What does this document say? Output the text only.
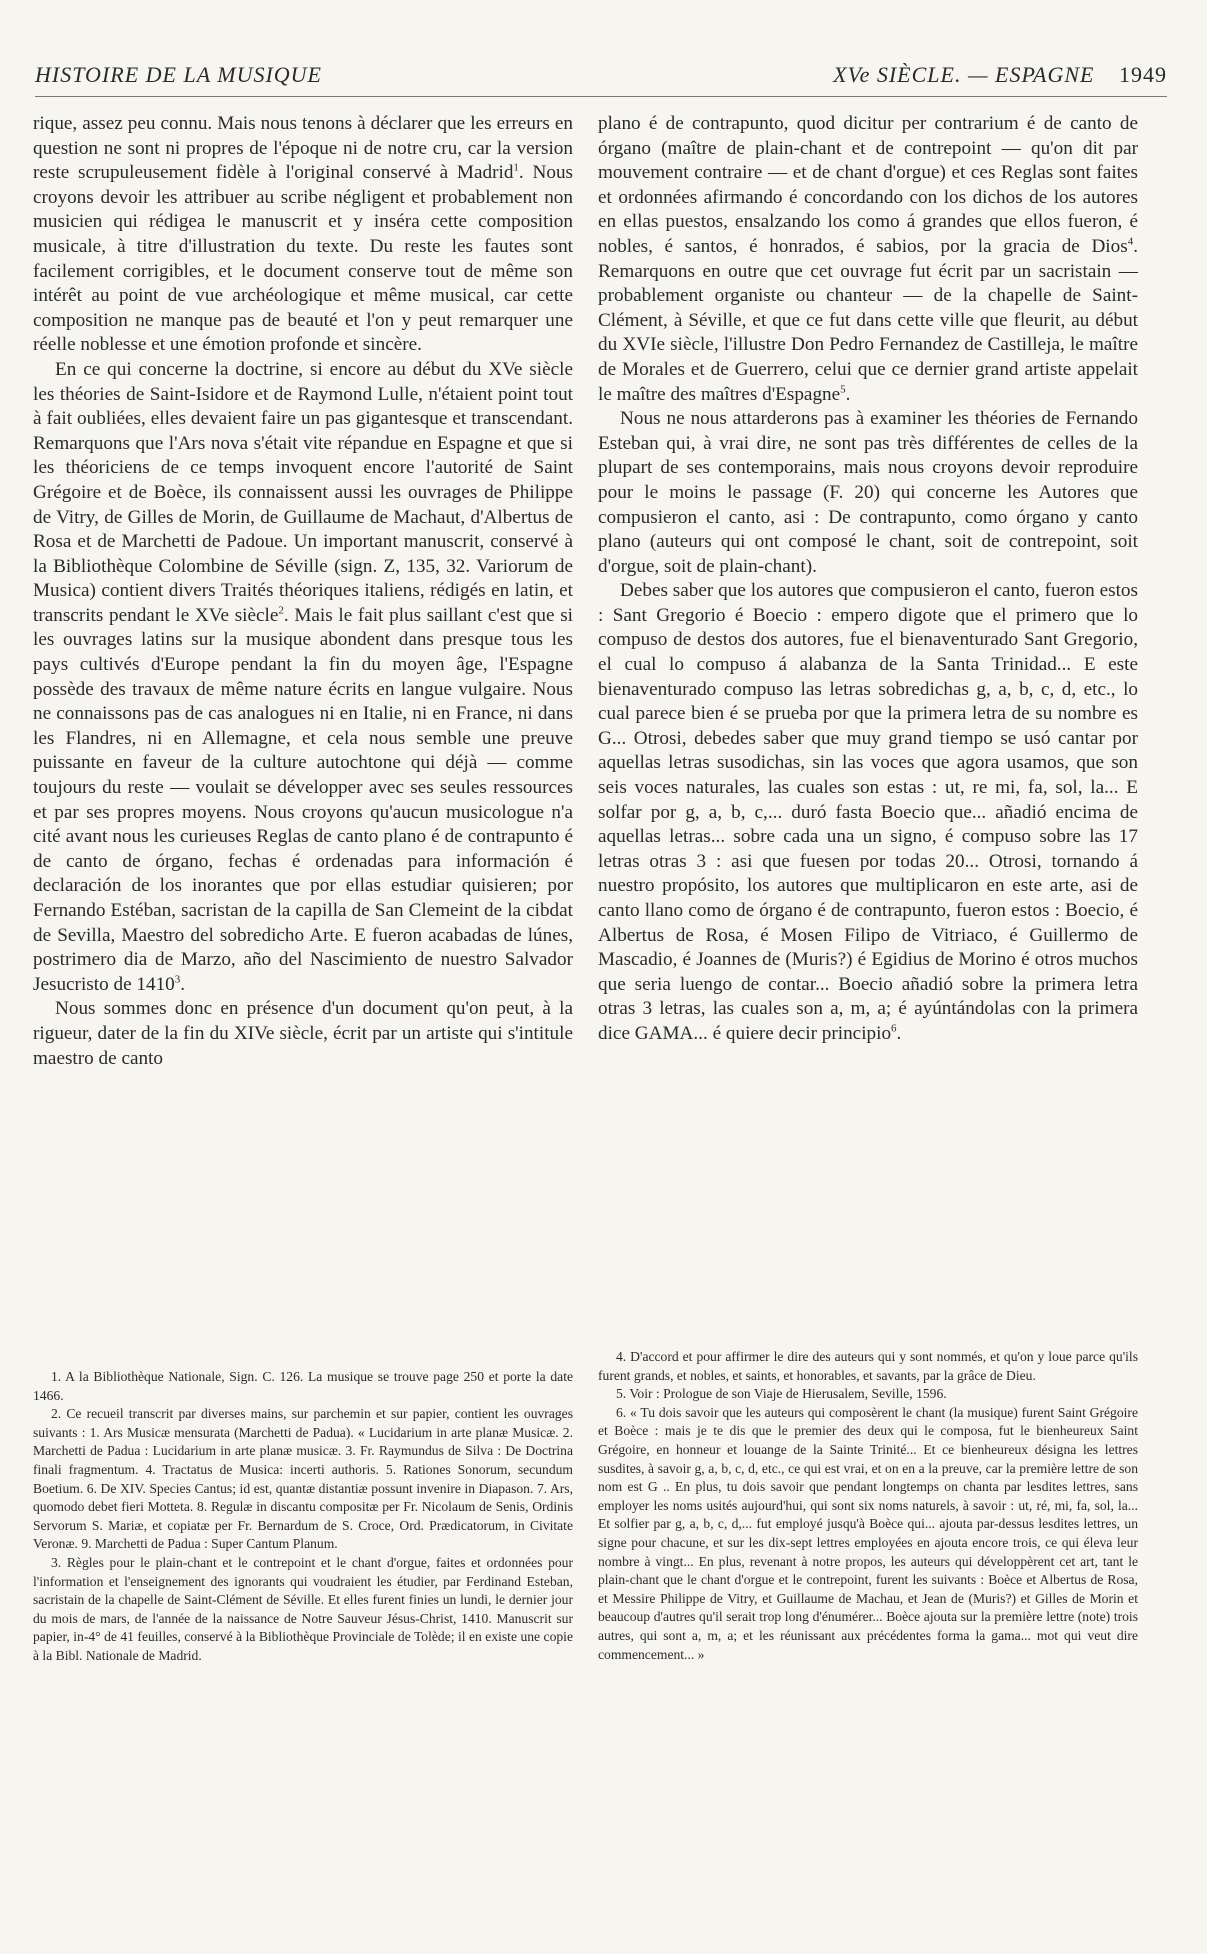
HISTOIRE DE LA MUSIQUE	XVe SIÈCLE. — ESPAGNE 1949

rique, assez peu connu. Mais nous tenons à déclarer que les erreurs en question ne sont ni propres de l'époque ni de notre cru, car la version reste scrupuleusement fidèle à l'original conservé à Madrid$^1$. Nous croyons devoir les attribuer au scribe négligent et probablement non musicien qui rédigea le manuscrit et y inséra cette composition musicale, à titre d'illustration du texte. Du reste les fautes sont facilement corrigibles, et le document conserve tout de même son intérêt au point de vue archéologique et même musical, car cette composition ne manque pas de beauté et l'on y peut remarquer une réelle noblesse et une émotion profonde et sincère.

En ce qui concerne la doctrine, si encore au début du XVe siècle les théories de Saint-Isidore et de Raymond Lulle, n'étaient point tout à fait oubliées, elles devaient faire un pas gigantesque et transcendant. Remarquons que l'Ars nova s'était vite répandue en Espagne et que si les théoriciens de ce temps invoquent encore l'autorité de Saint Grégoire et de Boèce, ils connaissent aussi les ouvrages de Philippe de Vitry, de Gilles de Morin, de Guillaume de Machaut, d'Albertus de Rosa et de Marchetti de Padoue. Un important manuscrit, conservé à la Bibliothèque Colombine de Séville (sign. Z, 135, 32. Variorum de Musica) contient divers Traités théoriques italiens, rédigés en latin, et transcrits pendant le XVe siècle$^2$. Mais le fait plus saillant c'est que si les ouvrages latins sur la musique abondent dans presque tous les pays cultivés d'Europe pendant la fin du moyen âge, l'Espagne possède des travaux de même nature écrits en langue vulgaire. Nous ne connaissons pas de cas analogues ni en Italie, ni en France, ni dans les Flandres, ni en Allemagne, et cela nous semble une preuve puissante en faveur de la culture autochtone qui déjà — comme toujours du reste — voulait se développer avec ses seules ressources et par ses propres moyens. Nous croyons qu'aucun musicologue n'a cité avant nous les curieuses Reglas de canto plano é de contrapunto é de canto de órgano, fechas é ordenadas para información é declaración de los inorantes que por ellas estudiar quisieren; por Fernando Estéban, sacristan de la capilla de San Clemeint de la cibdat de Sevilla, Maestro del sobredicho Arte. E fueron acabadas de lúnes, postrimero dia de Marzo, año del Nascimiento de nuestro Salvador Jesucristo de 1410$^3$.

Nous sommes donc en présence d'un document qu'on peut, à la rigueur, dater de la fin du XIVe siècle, écrit par un artiste qui s'intitule maestro de canto

plano é de contrapunto, quod dicitur per contrarium é de canto de órgano (maître de plain-chant et de contrepoint — qu'on dit par mouvement contraire — et de chant d'orgue) et ces Reglas sont faites et ordonnées afirmando é concordando con los dichos de los autores en ellas puestos, ensalzando los como á grandes que ellos fueron, é nobles, é santos, é honrados, é sabios, por la gracia de Dios$^4$. Remarquons en outre que cet ouvrage fut écrit par un sacristain — probablement organiste ou chanteur — de la chapelle de Saint-Clément, à Séville, et que ce fut dans cette ville que fleurit, au début du XVIe siècle, l'illustre Don Pedro Fernandez de Castilleja, le maître de Morales et de Guerrero, celui que ce dernier grand artiste appelait le maître des maîtres d'Espagne$^5$.

Nous ne nous attarderons pas à examiner les théories de Fernando Esteban qui, à vrai dire, ne sont pas très différentes de celles de la plupart de ses contemporains, mais nous croyons devoir reproduire pour le moins le passage (F. 20) qui concerne les Autores que compusieron el canto, asi : De contrapunto, como órgano y canto plano (auteurs qui ont composé le chant, soit de contrepoint, soit d'orgue, soit de plain-chant).

Debes saber que los autores que compusieron el canto, fueron estos : Sant Gregorio é Boecio : empero digote que el primero que lo compuso de destos dos autores, fue el bienaventurado Sant Gregorio, el cual lo compuso á alabanza de la Santa Trinidad... E este bienaventurado compuso las letras sobredichas g, a, b, c, d, etc., lo cual parece bien é se prueba por que la primera letra de su nombre es G... Otrosi, debedes saber que muy grand tiempo se usó cantar por aquellas letras susodichas, sin las voces que agora usamos, que son seis voces naturales, las cuales son estas : ut, re mi, fa, sol, la... E solfar por g, a, b, c,... duró fasta Boecio que... añadió encima de aquellas letras... sobre cada una un signo, é compuso sobre las 17 letras otras 3 : asi que fuesen por todas 20... Otrosi, tornando á nuestro propósito, los autores que multiplicaron en este arte, asi de canto llano como de órgano é de contrapunto, fueron estos : Boecio, é Albertus de Rosa, é Mosen Filipo de Vitriaco, é Guillermo de Mascadio, é Joannes de (Muris?) é Egidius de Morino é otros muchos que seria luengo de contar... Boecio añadió sobre la primera letra otras 3 letras, las cuales son a, m, a; é ayúntándolas con la primera dice GAMA... é quiere decir principio$^6$.

1. A la Bibliothèque Nationale, Sign. C. 126. La musique se trouve page 250 et porte la date 1466.

2. Ce recueil transcrit par diverses mains, sur parchemin et sur papier, contient les ouvrages suivants : 1. Ars Musicæ mensurata (Marchetti de Padua). « Lucidarium in arte planæ Musicæ. 2. Marchetti de Padua : Lucidarium in arte planæ musicæ. 3. Fr. Raymundus de Silva : De Doctrina finali fragmentum. 4. Tractatus de Musica: incerti authoris. 5. Rationes Sonorum, secundum Boetium. 6. De XIV. Species Cantus; id est, quantæ distantiæ possunt invenire in Diapason. 7. Ars, quomodo debet fieri Motteta. 8. Regulæ in discantu compositæ per Fr. Nicolaum de Senis, Ordinis Servorum S. Mariæ, et copiatæ per Fr. Bernardum de S. Croce, Ord. Prædicatorum, in Civitate Veronæ. 9. Marchetti de Padua : Super Cantum Planum.

3. Règles pour le plain-chant et le contrepoint et le chant d'orgue, faites et ordonnées pour l'information et l'enseignement des ignorants qui voudraient les étudier, par Ferdinand Esteban, sacristain de la chapelle de Saint-Clément de Séville. Et elles furent finies un lundi, le dernier jour du mois de mars, de l'année de la naissance de Notre Sauveur Jésus-Christ, 1410. Manuscrit sur papier, in-4° de 41 feuilles, conservé à la Bibliothèque Provinciale de Tolède; il en existe une copie à la Bibl. Nationale de Madrid.

4. D'accord et pour affirmer le dire des auteurs qui y sont nommés, et qu'on y loue parce qu'ils furent grands, et nobles, et saints, et honorables, et savants, par la grâce de Dieu.

5. Voir : Prologue de son Viaje de Hierusalem, Seville, 1596.

6. « Tu dois savoir que les auteurs qui composèrent le chant (la musique) furent Saint Grégoire et Boèce : mais je te dis que le premier des deux qui le composa, fut le bienheureux Saint Grégoire, en honneur et louange de la Sainte Trinité... Et ce bienheureux désigna les lettres susdites, à savoir g, a, b, c, d, etc., ce qui est vrai, et on en a la preuve, car la première lettre de son nom est G .. En plus, tu dois savoir que pendant longtemps on chanta par lesdites lettres, sans employer les noms usités aujourd'hui, qui sont six noms naturels, à savoir : ut, ré, mi, fa, sol, la... Et solfier par g, a, b, c, d,... fut employé jusqu'à Boèce qui... ajouta par-dessus lesdites lettres, un signe pour chacune, et sur les dix-sept lettres employées en ajouta encore trois, ce qui éleva leur nombre à vingt... En plus, revenant à notre propos, les auteurs qui développèrent cet art, tant le plain-chant que le chant d'orgue et le contrepoint, furent les suivants : Boèce et Albertus de Rosa, et Messire Philippe de Vitry, et Guillaume de Machau, et Jean de (Muris?) et Gilles de Morin et beaucoup d'autres qu'il serait trop long d'énumérer... Boèce ajouta sur la première lettre (note) trois autres, qui sont a, m, a; et les réunissant aux précédentes forma la gama... mot qui veut dire commencement... »
